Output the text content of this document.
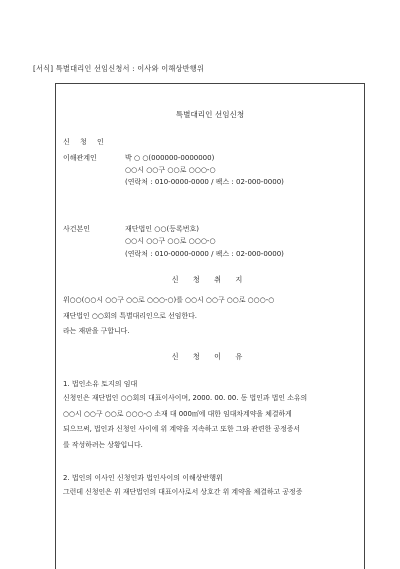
[서식] 특별대리인 선임신청서 : 이사와 이해상반행위
특별대리인 선임신청
신 청 인
이해관계인	박 ○ ○(000000-0000000)
○○시 ○○구 ○○로 ○○○-○
(연락처 : 010-0000-0000 / 팩스 : 02-000-0000)
사건본인	재단법인 ○○(등록번호)
○○시 ○○구 ○○로 ○○○-○
(연락처 : 010-0000-0000 / 팩스 : 02-000-0000)
신 청 취 지
위○○(○○시 ○○구 ○○로 ○○○-○)를 ○○시 ○○구 ○○로 ○○○-○
재단법인 ○○회의 특별대리인으로 선임한다.
라는 재판을 구합니다.
신 청 이 유
1. 법인소유 토지의 임대
신청인은 재단법인 ○○회의 대표이사이며, 2000. 00. 00. 동 법인과 법인 소유의
○○시 ○○구 ○○로 ○○○-○ 소재 대 000㎡에 대한 임대차계약을 체결하게
되으므써, 법인과 신청인 사이에 위 계약을 지속하고 또한 그와 관련한 공정증서
를 작성하려는 상황입니다.
2. 법인의 이사인 신청인과 법인사이의 이해상반행위
그런데 신청인은 위 재단법인의 대표이사로서 상호간 위 계약을 체결하고 공정증
